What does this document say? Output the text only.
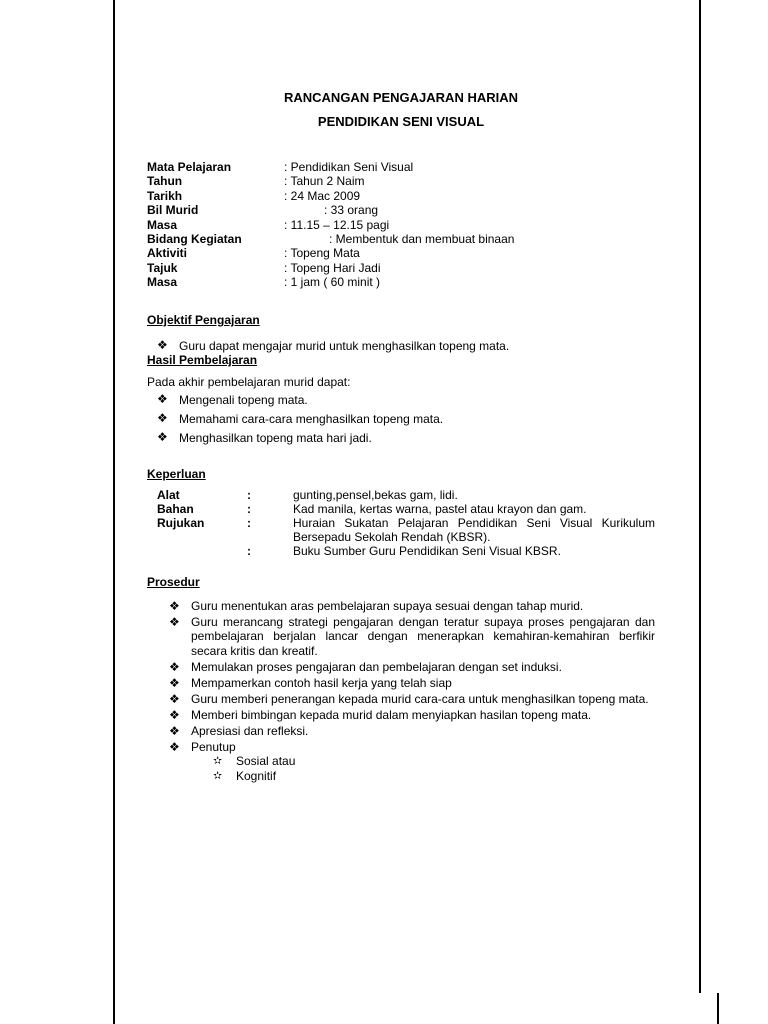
RANCANGAN PENGAJARAN HARIAN
PENDIDIKAN SENI VISUAL
Mata Pelajaran	: Pendidikan Seni Visual
Tahun	: Tahun 2 Naim
Tarikh	: 24 Mac 2009
Bil Murid	: 33 orang
Masa	: 11.15 – 12.15 pagi
Bidang Kegiatan	: Membentuk dan membuat binaan
Aktiviti	: Topeng Mata
Tajuk	: Topeng Hari Jadi
Masa	: 1 jam ( 60 minit )
Objektif Pengajaran
❖ Guru dapat mengajar murid untuk menghasilkan topeng mata.
Hasil Pembelajaran
Pada akhir pembelajaran murid dapat:
❖ Mengenali topeng mata.
❖ Memahami cara-cara menghasilkan topeng mata.
❖ Menghasilkan topeng mata hari jadi.
Keperluan
Alat	:	gunting,pensel,bekas gam, lidi.
Bahan	:	Kad manila, kertas warna, pastel atau krayon dan gam.
Rujukan	:	Huraian Sukatan Pelajaran Pendidikan Seni Visual Kurikulum Bersepadu Sekolah Rendah (KBSR).
	:	Buku Sumber Guru Pendidikan Seni Visual KBSR.
Prosedur
❖ Guru menentukan aras pembelajaran supaya sesuai dengan tahap murid.
❖ Guru merancang strategi pengajaran dengan teratur supaya proses pengajaran dan pembelajaran berjalan lancar dengan menerapkan kemahiran-kemahiran berfikir secara kritis dan kreatif.
❖ Memulakan proses pengajaran dan pembelajaran dengan set induksi.
❖ Mempamerkan contoh hasil kerja yang telah siap
❖ Guru memberi penerangan kepada murid cara-cara untuk menghasilkan topeng mata.
❖ Memberi bimbingan kepada murid dalam menyiapkan hasilan topeng mata.
❖ Apresiasi dan refleksi.
❖ Penutup
✫ Sosial atau
✫ Kognitif
